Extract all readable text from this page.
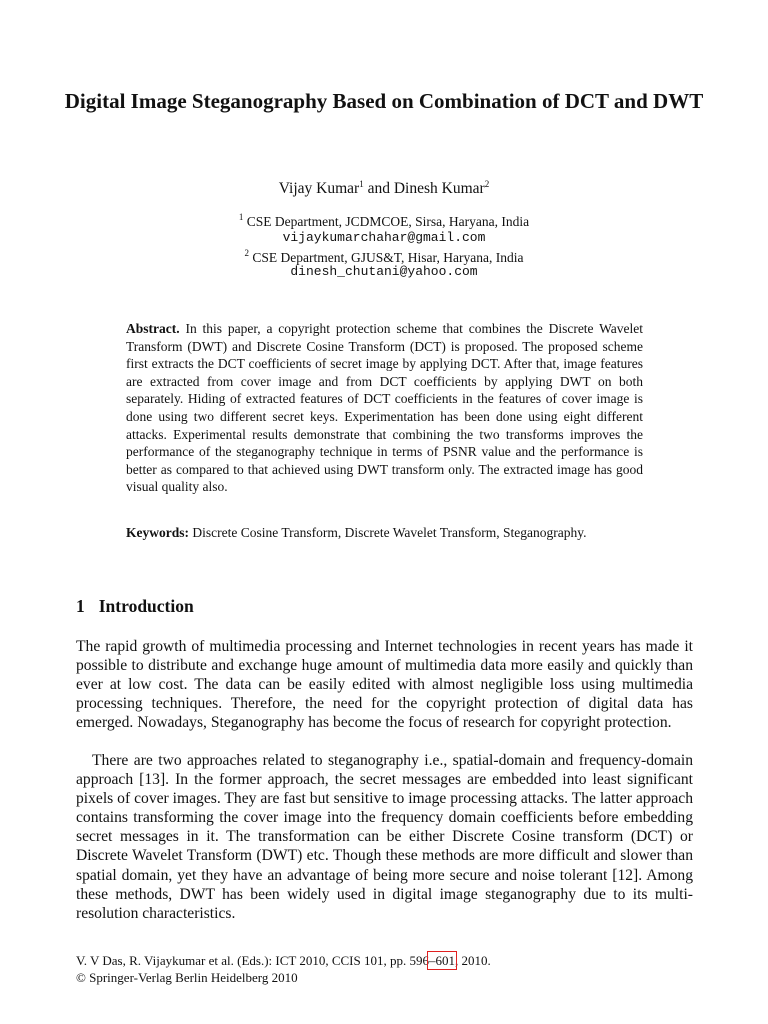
Digital Image Steganography Based on Combination of DCT and DWT
Vijay Kumar$^1$ and Dinesh Kumar$^2$
$^1$ CSE Department, JCDMCOE, Sirsa, Haryana, India
vijaykumarchahar@gmail.com
$^2$ CSE Department, GJUS&T, Hisar, Haryana, India
dinesh_chutani@yahoo.com

Abstract. In this paper, a copyright protection scheme that combines the Discrete Wavelet Transform (DWT) and Discrete Cosine Transform (DCT) is proposed. The proposed scheme first extracts the DCT coefficients of secret image by applying DCT. After that, image features are extracted from cover image and from DCT coefficients by applying DWT on both separately. Hiding of extracted features of DCT coefficients in the features of cover image is done using two different secret keys. Experimentation has been done using eight different attacks. Experimental results demonstrate that combining the two transforms improves the performance of the steganography technique in terms of PSNR value and the performance is better as compared to that achieved using DWT transform only. The extracted image has good visual quality also.

Keywords: Discrete Cosine Transform, Discrete Wavelet Transform, Steganography.

1 Introduction

The rapid growth of multimedia processing and Internet technologies in recent years has made it possible to distribute and exchange huge amount of multimedia data more easily and quickly than ever at low cost. The data can be easily edited with almost negligible loss using multimedia processing techniques. Therefore, the need for the copyright protection of digital data has emerged. Nowadays, Steganography has become the focus of research for copyright protection.

There are two approaches related to steganography i.e., spatial-domain and frequency-domain approach [13]. In the former approach, the secret messages are embedded into least significant pixels of cover images. They are fast but sensitive to image processing attacks. The latter approach contains transforming the cover image into the frequency domain coefficients before embedding secret messages in it. The transformation can be either Discrete Cosine transform (DCT) or Discrete Wavelet Transform (DWT) etc. Though these methods are more difficult and slower than spatial domain, yet they have an advantage of being more secure and noise tolerant [12]. Among these methods, DWT has been widely used in digital image steganography due to its multi-resolution characteristics.

V. V Das, R. Vijaykumar et al. (Eds.): ICT 2010, CCIS 101, pp. 596–601, 2010.
© Springer-Verlag Berlin Heidelberg 2010
